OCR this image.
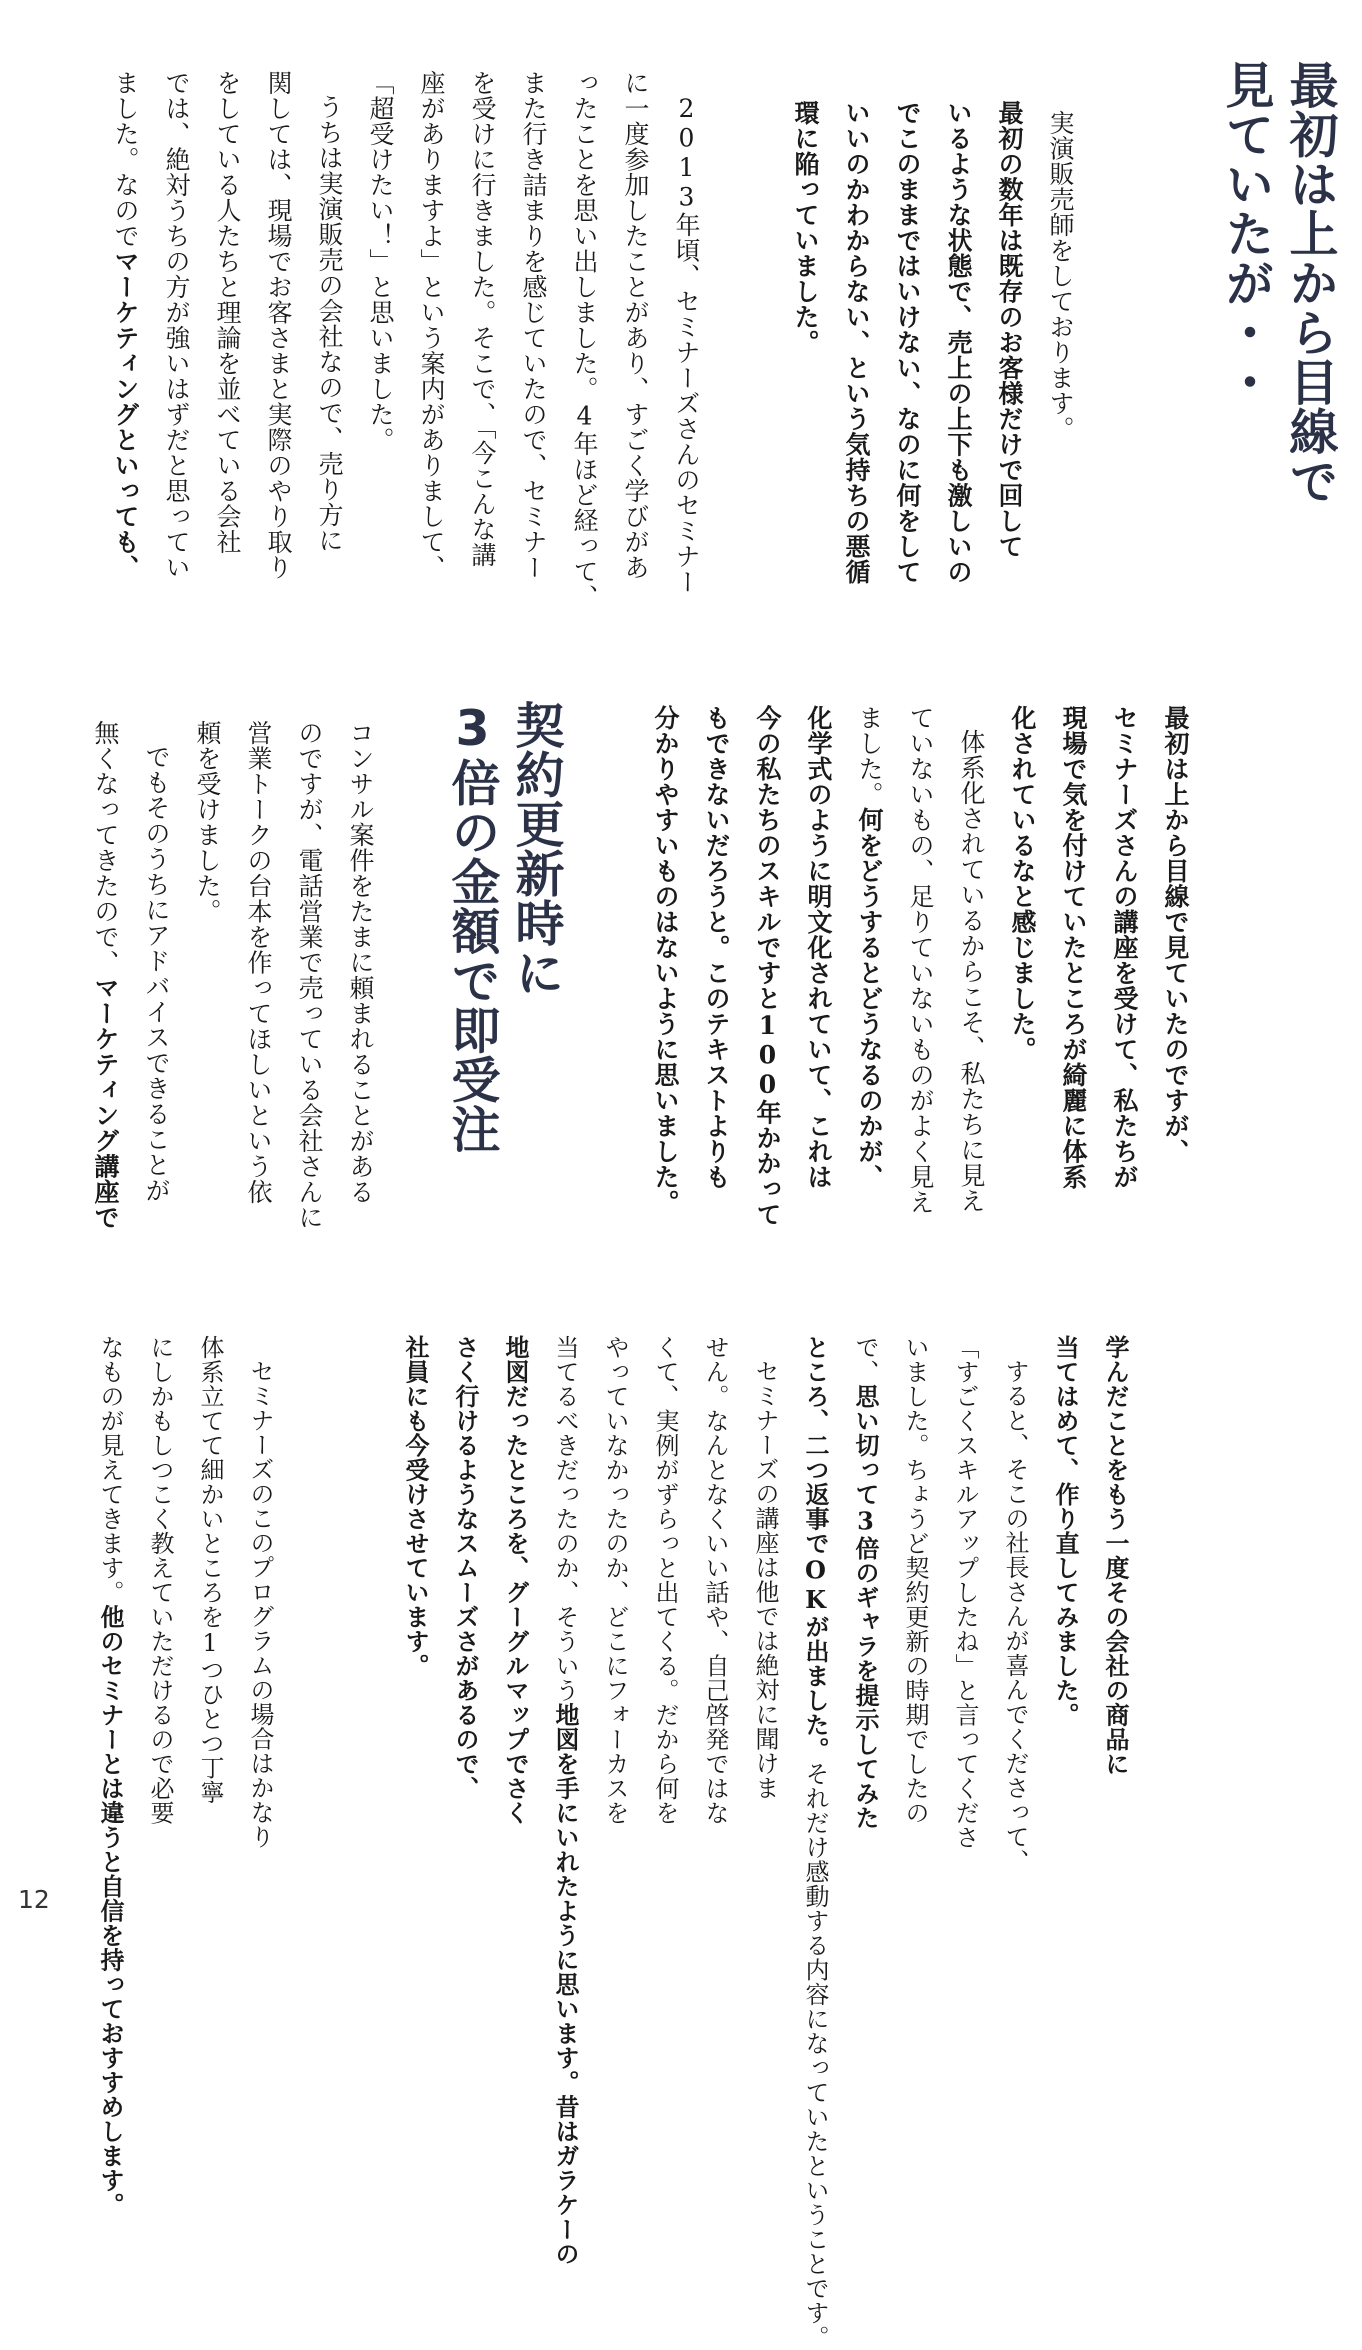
最初は上から目線で
見ていたが・・
契約更新時に
3倍の金額で即受注

実演販売師をしております。

最初の数年は既存のお客様だけで回して

いるような状態で、売上の上下も激しいの

でこのままではいけない、なのに何をして

いいのかわからない、という気持ちの悪循

環に陥っていました。

2013年頃、セミナーズさんのセミナー

に一度参加したことがあり、すごく学びがあ

ったことを思い出しました。4年ほど経って、

また行き詰まりを感じていたので、セミナー

を受けに行きました。そこで、「今こんな講

座がありますよ」という案内がありまして、

「超受けたい！」と思いました。

うちは実演販売の会社なので、売り方に

関しては、現場でお客さまと実際のやり取り

をしている人たちと理論を並べている会社

では、絶対うちの方が強いはずだと思ってい

ました。なのでマーケティングといっても、

最初は上から目線で見ていたのですが、

セミナーズさんの講座を受けて、私たちが

現場で気を付けていたところが綺麗に体系

化されているなと感じました。

体系化されているからこそ、私たちに見え

ていないもの、足りていないものがよく見え

ました。何をどうするとどうなるのかが、

化学式のように明文化されていて、これは

今の私たちのスキルですと100年かかって

もできないだろうと。このテキストよりも

分かりやすいものはないように思いました。

コンサル案件をたまに頼まれることがある

のですが、電話営業で売っている会社さんに

営業トークの台本を作ってほしいという依

頼を受けました。

でもそのうちにアドバイスできることが

無くなってきたので、マーケティング講座で

学んだことをもう一度その会社の商品に

当てはめて、作り直してみました。

すると、そこの社長さんが喜んでくださって、

「すごくスキルアップしたね」と言ってくださ

いました。ちょうど契約更新の時期でしたの

で、思い切って3倍のギャラを提示してみた

ところ、二つ返事でOKが出ました。それだけ感動する内容になっていたということです。

セミナーズの講座は他では絶対に聞けま

せん。なんとなくいい話や、自己啓発ではな

くて、実例がずらっと出てくる。だから何を

やっていなかったのか、どこにフォーカスを

当てるべきだったのか、そういう地図を手にいれたように思います。昔はガラケーの

地図だったところを、グーグルマップでさく

さく行けるようなスムーズさがあるので、

社員にも今受けさせています。

セミナーズのこのプログラムの場合はかなり

体系立てて細かいところを1つひとつ丁寧

にしかもしつこく教えていただけるので必要

なものが見えてきます。他のセミナーとは違うと自信を持っておすすめします。

12
